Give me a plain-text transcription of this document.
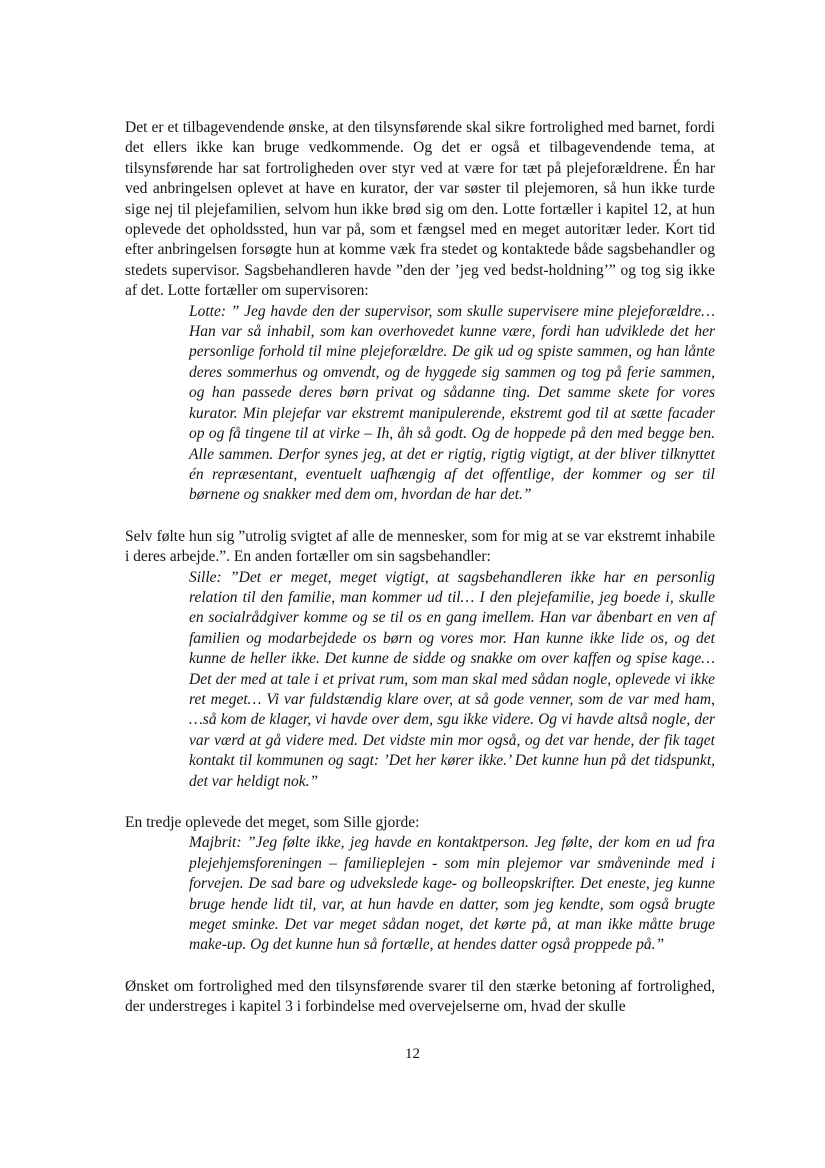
Det er et tilbagevendende ønske, at den tilsynsførende skal sikre fortrolighed med barnet, fordi det ellers ikke kan bruge vedkommende. Og det er også et tilbagevendende tema, at tilsynsførende har sat fortroligheden over styr ved at være for tæt på plejeforældrene. Én har ved anbringelsen oplevet at have en kurator, der var søster til plejemoren, så hun ikke turde sige nej til plejefamilien, selvom hun ikke brød sig om den. Lotte fortæller i kapitel 12, at hun oplevede det opholdssted, hun var på, som et fængsel med en meget autoritær leder. Kort tid efter anbringelsen forsøgte hun at komme væk fra stedet og kontaktede både sagsbehandler og stedets supervisor. Sagsbehandleren havde ”den der ’jeg ved bedst-holdning’” og tog sig ikke af det. Lotte fortæller om supervisoren:

Lotte: ” Jeg havde den der supervisor, som skulle supervisere mine plejeforældre… Han var så inhabil, som kan overhovedet kunne være, fordi han udviklede det her personlige forhold til mine plejeforældre. De gik ud og spiste sammen, og han lånte deres sommerhus og omvendt, og de hyggede sig sammen og tog på ferie sammen, og han passede deres børn privat og sådanne ting. Det samme skete for vores kurator. Min plejefar var ekstremt manipulerende, ekstremt god til at sætte facader op og få tingene til at virke – Ih, åh så godt. Og de hoppede på den med begge ben. Alle sammen. Derfor synes jeg, at det er rigtig, rigtig vigtigt, at der bliver tilknyttet én repræsentant, eventuelt uafhængig af det offentlige, der kommer og ser til børnene og snakker med dem om, hvordan de har det.”

Selv følte hun sig ”utrolig svigtet af alle de mennesker, som for mig at se var ekstremt inhabile i deres arbejde.”. En anden fortæller om sin sagsbehandler:

Sille: ”Det er meget, meget vigtigt, at sagsbehandleren ikke har en personlig relation til den familie, man kommer ud til… I den plejefamilie, jeg boede i, skulle en socialrådgiver komme og se til os en gang imellem. Han var åbenbart en ven af familien og modarbejdede os børn og vores mor. Han kunne ikke lide os, og det kunne de heller ikke. Det kunne de sidde og snakke om over kaffen og spise kage… Det der med at tale i et privat rum, som man skal med sådan nogle, oplevede vi ikke ret meget… Vi var fuldstændig klare over, at så gode venner, som de var med ham, …så kom de klager, vi havde over dem, sgu ikke videre. Og vi havde altså nogle, der var værd at gå videre med. Det vidste min mor også, og det var hende, der fik taget kontakt til kommunen og sagt: ’Det her kører ikke.’ Det kunne hun på det tidspunkt, det var heldigt nok.”

En tredje oplevede det meget, som Sille gjorde:

Majbrit: ”Jeg følte ikke, jeg havde en kontaktperson. Jeg følte, der kom en ud fra plejehjemsforeningen – familieplejen - som min plejemor var småveninde med i forvejen. De sad bare og udvekslede kage- og bolleopskrifter. Det eneste, jeg kunne bruge hende lidt til, var, at hun havde en datter, som jeg kendte, som også brugte meget sminke. Det var meget sådan noget, det kørte på, at man ikke måtte bruge make-up. Og det kunne hun så fortælle, at hendes datter også proppede på.”

Ønsket om fortrolighed med den tilsynsførende svarer til den stærke betoning af fortrolighed, der understreges i kapitel 3 i forbindelse med overvejelserne om, hvad der skulle

12
